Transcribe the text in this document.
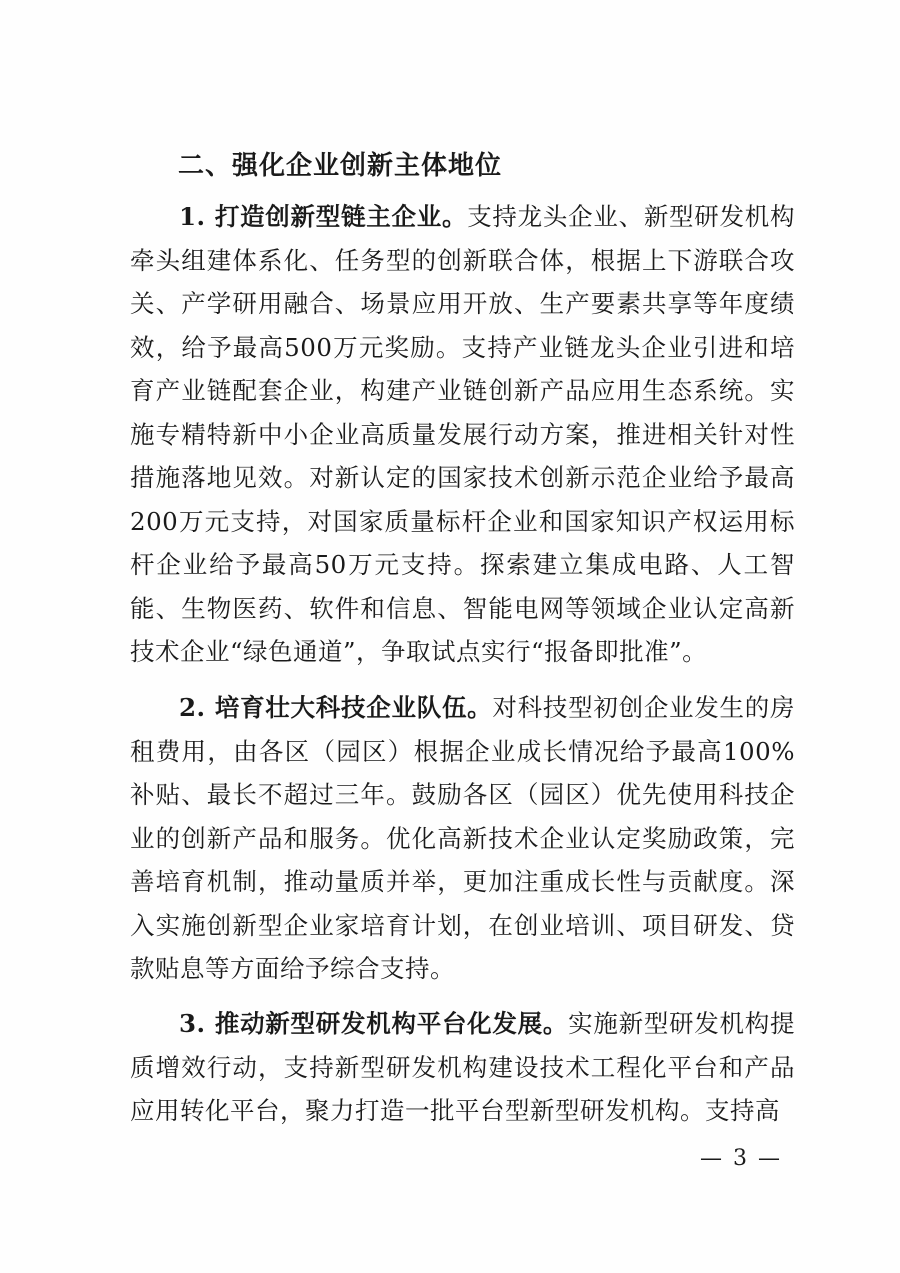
二、强化企业创新主体地位

1. 打造创新型链主企业。支持龙头企业、新型研发机构牵头组建体系化、任务型的创新联合体，根据上下游联合攻关、产学研用融合、场景应用开放、生产要素共享等年度绩效，给予最高500万元奖励。支持产业链龙头企业引进和培育产业链配套企业，构建产业链创新产品应用生态系统。实施专精特新中小企业高质量发展行动方案，推进相关针对性措施落地见效。对新认定的国家技术创新示范企业给予最高200万元支持，对国家质量标杆企业和国家知识产权运用标杆企业给予最高50万元支持。探索建立集成电路、人工智能、生物医药、软件和信息、智能电网等领域企业认定高新技术企业“绿色通道”，争取试点实行“报备即批准”。

2. 培育壮大科技企业队伍。对科技型初创企业发生的房租费用，由各区（园区）根据企业成长情况给予最高100%补贴、最长不超过三年。鼓励各区（园区）优先使用科技企业的创新产品和服务。优化高新技术企业认定奖励政策，完善培育机制，推动量质并举，更加注重成长性与贡献度。深入实施创新型企业家培育计划，在创业培训、项目研发、贷款贴息等方面给予综合支持。

3. 推动新型研发机构平台化发展。实施新型研发机构提质增效行动，支持新型研发机构建设技术工程化平台和产品应用转化平台，聚力打造一批平台型新型研发机构。支持高

— 3 —
